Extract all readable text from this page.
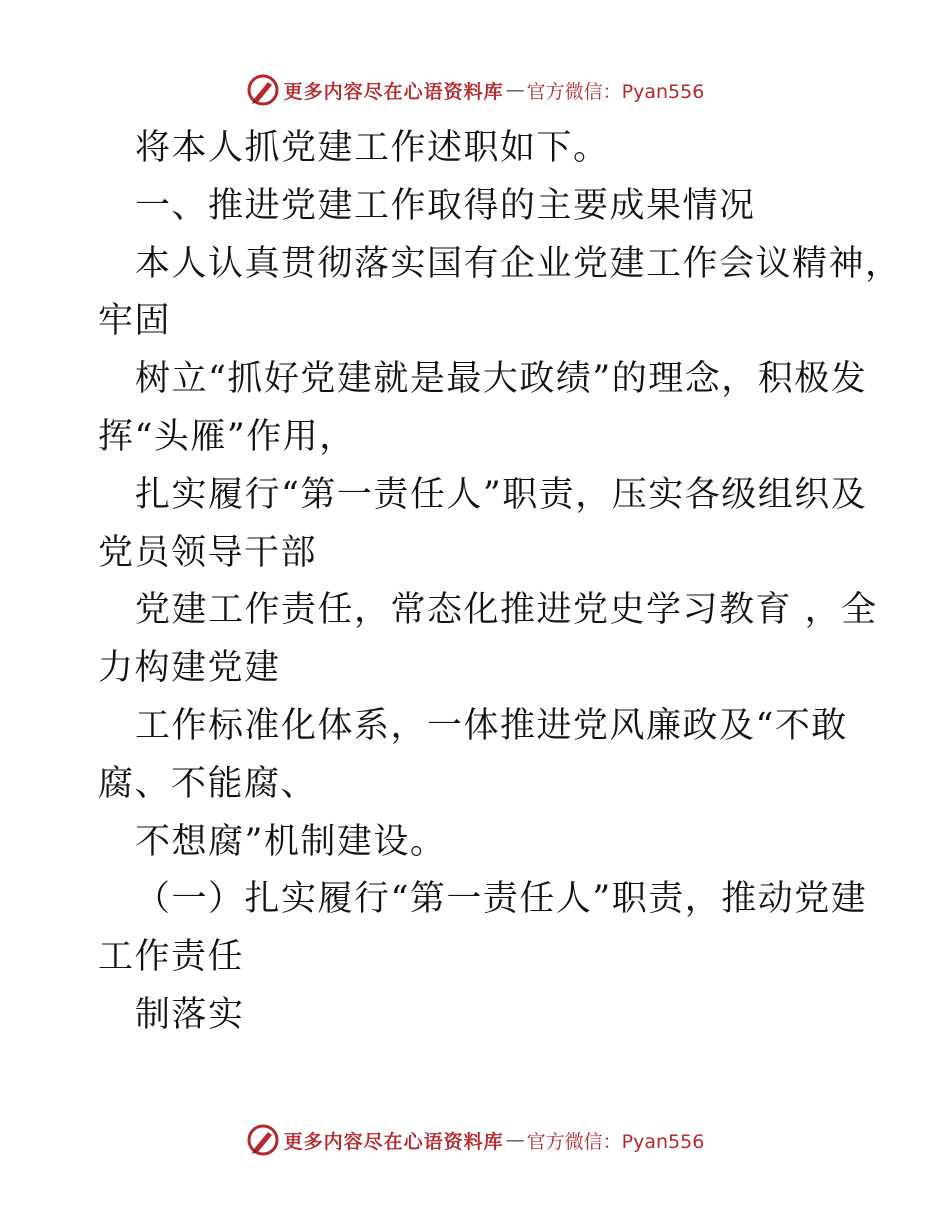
更多内容尽在心语资料库 — 官方微信：Pyan556
将本人抓党建工作述职如下。
一、推进党建工作取得的主要成果情况
本人认真贯彻落实国有企业党建工作会议精神，
牢固
树立“抓好党建就是最大政绩”的理念，积极发
挥“头雁”作用，
扎实履行“第一责任人”职责，压实各级组织及
党员领导干部
党建工作责任，常态化推进党史学习教育 ，全
力构建党建
工作标准化体系，一体推进党风廉政及“不敢
腐、不能腐、
不想腐”机制建设。
（一）扎实履行“第一责任人”职责，推动党建
工作责任
制落实
更多内容尽在心语资料库 — 官方微信：Pyan556
